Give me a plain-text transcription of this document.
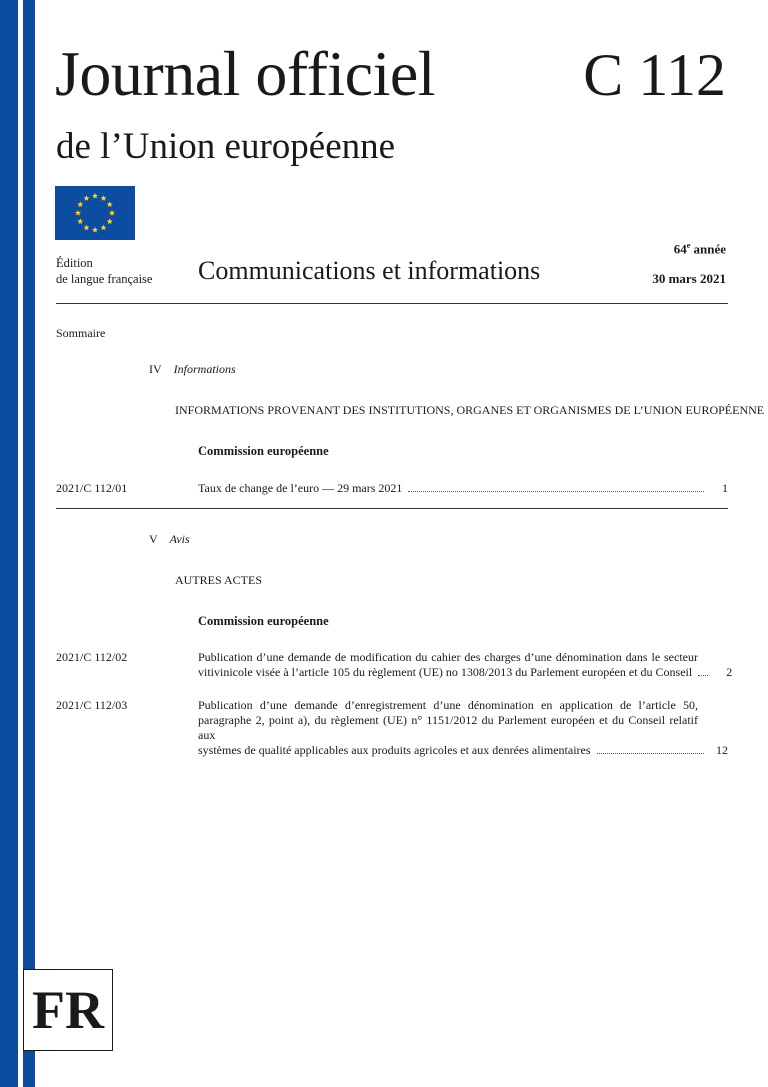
Journal officiel C 112
de l’Union européenne
Édition
de langue française Communications et informations
64e année
30 mars 2021
Sommaire
IV Informations
INFORMATIONS PROVENANT DES INSTITUTIONS, ORGANES ET ORGANISMES DE L’UNION EUROPÉENNE
Commission européenne
2021/C 112/01	Taux de change de l’euro — 29 mars 2021	1
V Avis
AUTRES ACTES
Commission européenne
2021/C 112/02	Publication d’une demande de modification du cahier des charges d’une dénomination dans le secteur
vitivinicole visée à l’article 105 du règlement (UE) no 1308/2013 du Parlement européen et du Conseil	2
2021/C 112/03	Publication d’une demande d’enregistrement d’une dénomination en application de l’article 50,
paragraphe 2, point a), du règlement (UE) n° 1151/2012 du Parlement européen et du Conseil relatif aux
systèmes de qualité applicables aux produits agricoles et aux denrées alimentaires	12
FR
